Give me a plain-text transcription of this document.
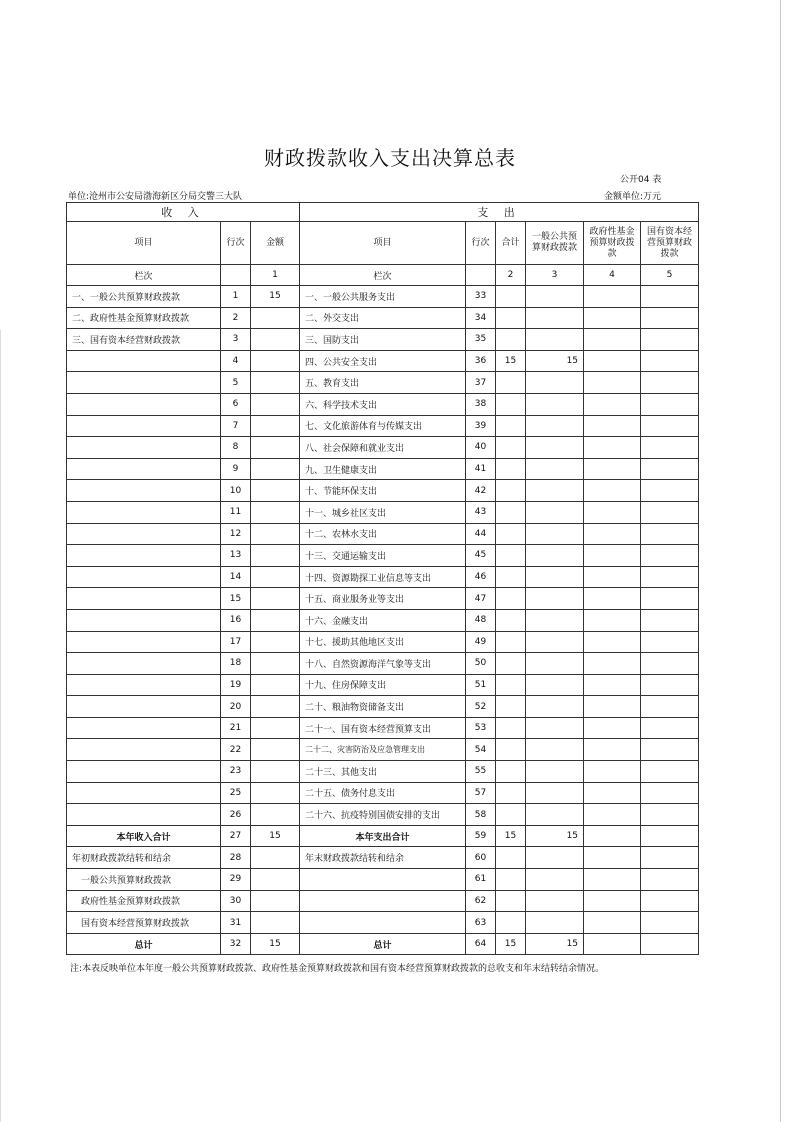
财政拨款收入支出决算总表
公开04 表
单位:沧州市公安局渤海新区分局交警三大队	金额单位:万元
收 入			支 出					
项目	行次	金额	项目	行次	合计	一般公共预算财政拨款	政府性基金预算财政拨款	国有资本经营预算财政拨款
栏次		1	栏次		2	3	4	5
一、一般公共预算财政拨款	1	15	一、一般公共服务支出	33				
二、政府性基金预算财政拨款	2		二、外交支出	34				
三、国有资本经营财政拨款	3		三、国防支出	35				
	4		四、公共安全支出	36	15	15		
	5		五、教育支出	37				
	6		六、科学技术支出	38				
	7		七、文化旅游体育与传媒支出	39				
	8		八、社会保障和就业支出	40				
	9		九、卫生健康支出	41				
	10		十、节能环保支出	42				
	11		十一、城乡社区支出	43				
	12		十二、农林水支出	44				
	13		十三、交通运输支出	45				
	14		十四、资源勘探工业信息等支出	46				
	15		十五、商业服务业等支出	47				
	16		十六、金融支出	48				
	17		十七、援助其他地区支出	49				
	18		十八、自然资源海洋气象等支出	50				
	19		十九、住房保障支出	51				
	20		二十、粮油物资储备支出	52				
	21		二十一、国有资本经营预算支出	53				
	22		二十二、灾害防治及应急管理支出	54				
	23		二十三、其他支出	55				
	25		二十五、债务付息支出	57				
	26		二十六、抗疫特别国债安排的支出	58				
本年收入合计	27	15	本年支出合计	59	15	15		
年初财政拨款结转和结余	28		年末财政拨款结转和结余	60				
一般公共预算财政拨款	29			61				
政府性基金预算财政拨款	30			62				
国有资本经营预算财政拨款	31			63				
总计	32	15	总计	64	15	15		
注:本表反映单位本年度一般公共预算财政拨款、政府性基金预算财政拨款和国有资本经营预算财政拨款的总收支和年末结转结余情况。
